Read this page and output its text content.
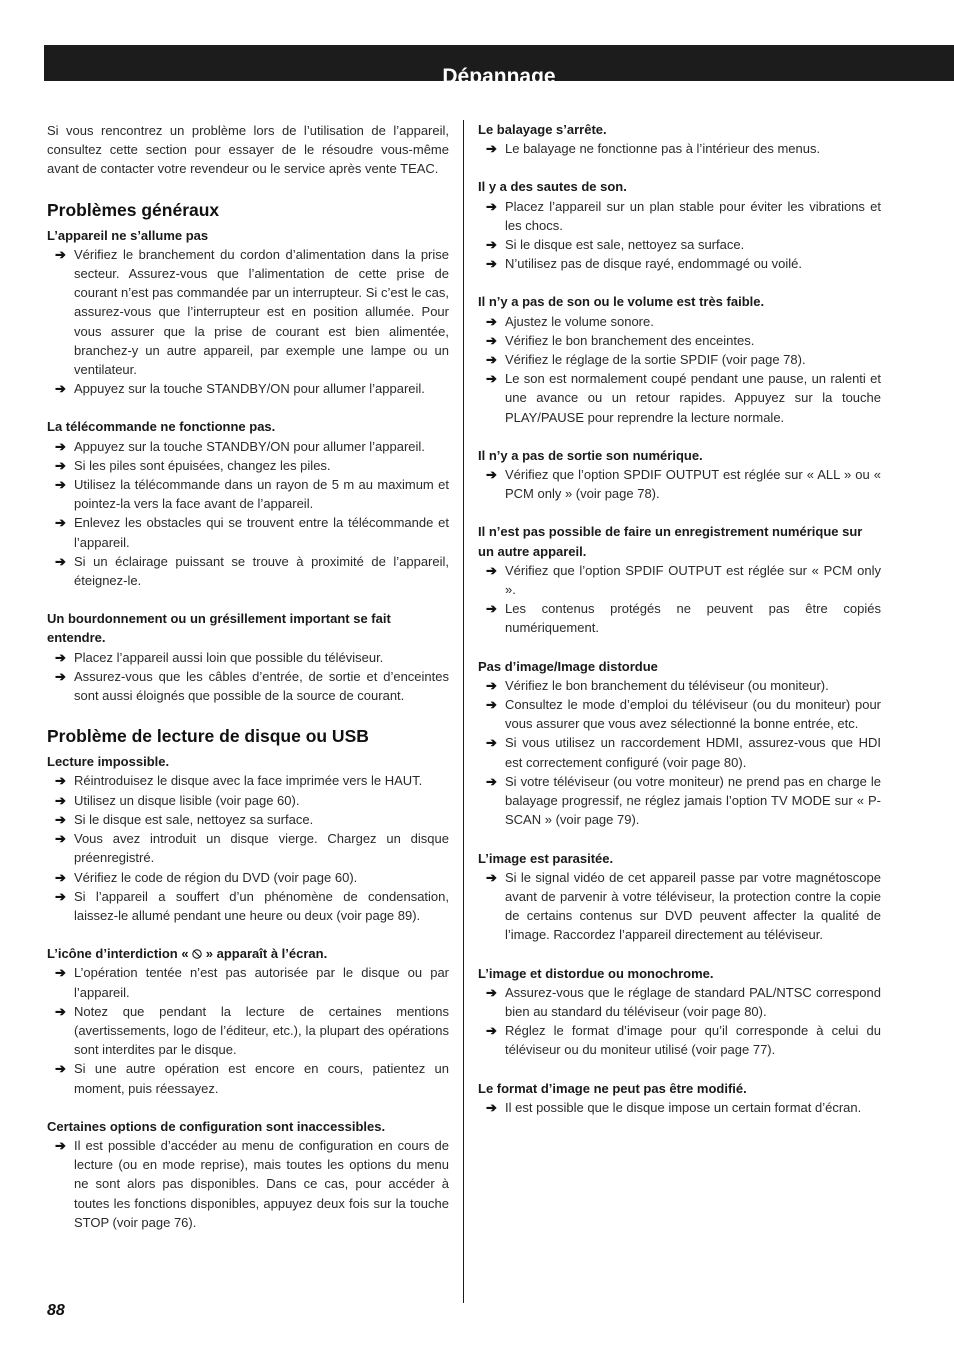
Dépannage

Si vous rencontrez un problème lors de l’utilisation de l’appareil, consultez cette section pour essayer de le résoudre vous-même avant de contacter votre revendeur ou le service après vente TEAC.

Problèmes généraux
L’appareil ne s’allume pas
➔ Vérifiez le branchement du cordon d’alimentation dans la prise secteur. Assurez-vous que l’alimentation de cette prise de courant n’est pas commandée par un interrupteur. Si c’est le cas, assurez-vous que l’interrupteur est en position allumée. Pour vous assurer que la prise de courant est bien alimentée, branchez-y un autre appareil, par exemple une lampe ou un ventilateur.
➔ Appuyez sur la touche STANDBY/ON pour allumer l’appareil.
La télécommande ne fonctionne pas.
➔ Appuyez sur la touche STANDBY/ON pour allumer l’appareil.
➔ Si les piles sont épuisées, changez les piles.
➔ Utilisez la télécommande dans un rayon de 5 m au maximum et pointez-la vers la face avant de l’appareil.
➔ Enlevez les obstacles qui se trouvent entre la télécommande et l’appareil.
➔ Si un éclairage puissant se trouve à proximité de l’appareil, éteignez-le.
Un bourdonnement ou un grésillement important se fait entendre.
➔ Placez l’appareil aussi loin que possible du téléviseur.
➔ Assurez-vous que les câbles d’entrée, de sortie et d’enceintes sont aussi éloignés que possible de la source de courant.
Problème de lecture de disque ou USB
Lecture impossible.
➔ Réintroduisez le disque avec la face imprimée vers le HAUT.
➔ Utilisez un disque lisible (voir page 60).
➔ Si le disque est sale, nettoyez sa surface.
➔ Vous avez introduit un disque vierge. Chargez un disque préenregistré.
➔ Vérifiez le code de région du DVD (voir page 60).
➔ Si l’appareil a souffert d’un phénomène de condensation, laissez-le allumé pendant une heure ou deux (voir page 89).
L’icône d’interdiction «  » apparaît à l’écran.
➔ L’opération tentée n’est pas autorisée par le disque ou par l’appareil.
➔ Notez que pendant la lecture de certaines mentions (avertissements, logo de l’éditeur, etc.), la plupart des opérations sont interdites par le disque.
➔ Si une autre opération est encore en cours, patientez un moment, puis réessayez.
Certaines options de configuration sont inaccessibles.
➔ Il est possible d’accéder au menu de configuration en cours de lecture (ou en mode reprise), mais toutes les options du menu ne sont alors pas disponibles. Dans ce cas, pour accéder à toutes les fonctions disponibles, appuyez deux fois sur la touche STOP (voir page 76).
Le balayage s’arrête.
➔ Le balayage ne fonctionne pas à l’intérieur des menus.
Il y a des sautes de son.
➔ Placez l’appareil sur un plan stable pour éviter les vibrations et les chocs.
➔ Si le disque est sale, nettoyez sa surface.
➔ N’utilisez pas de disque rayé, endommagé ou voilé.
Il n’y a pas de son ou le volume est très faible.
➔ Ajustez le volume sonore.
➔ Vérifiez le bon branchement des enceintes.
➔ Vérifiez le réglage de la sortie SPDIF (voir page 78).
➔ Le son est normalement coupé pendant une pause, un ralenti et une avance ou un retour rapides. Appuyez sur la touche PLAY/PAUSE pour reprendre la lecture normale.
Il n’y a pas de sortie son numérique.
➔ Vérifiez que l’option SPDIF OUTPUT est réglée sur « ALL » ou « PCM only » (voir page 78).
Il n’est pas possible de faire un enregistrement numérique sur un autre appareil.
➔ Vérifiez que l’option SPDIF OUTPUT est réglée sur « PCM only ».
➔ Les contenus protégés ne peuvent pas être copiés numériquement.
Pas d’image/Image distordue
➔ Vérifiez le bon branchement du téléviseur (ou moniteur).
➔ Consultez le mode d’emploi du téléviseur (ou du moniteur) pour vous assurer que vous avez sélectionné la bonne entrée, etc.
➔ Si vous utilisez un raccordement HDMI, assurez-vous que HDI est correctement configuré (voir page 80).
➔ Si votre téléviseur (ou votre moniteur) ne prend pas en charge le balayage progressif, ne réglez jamais l’option TV MODE sur « P-SCAN » (voir page 79).
L’image est parasitée.
➔ Si le signal vidéo de cet appareil passe par votre magnétoscope avant de parvenir à votre téléviseur, la protection contre la copie de certains contenus sur DVD peuvent affecter la qualité de l’image. Raccordez l’appareil directement au téléviseur.
L’image et distordue ou monochrome.
➔ Assurez-vous que le réglage de standard PAL/NTSC correspond bien au standard du téléviseur (voir page 80).
➔ Réglez le format d’image pour qu’il corresponde à celui du téléviseur ou du moniteur utilisé (voir page 77).
Le format d’image ne peut pas être modifié.
➔ Il est possible que le disque impose un certain format d’écran.
88
